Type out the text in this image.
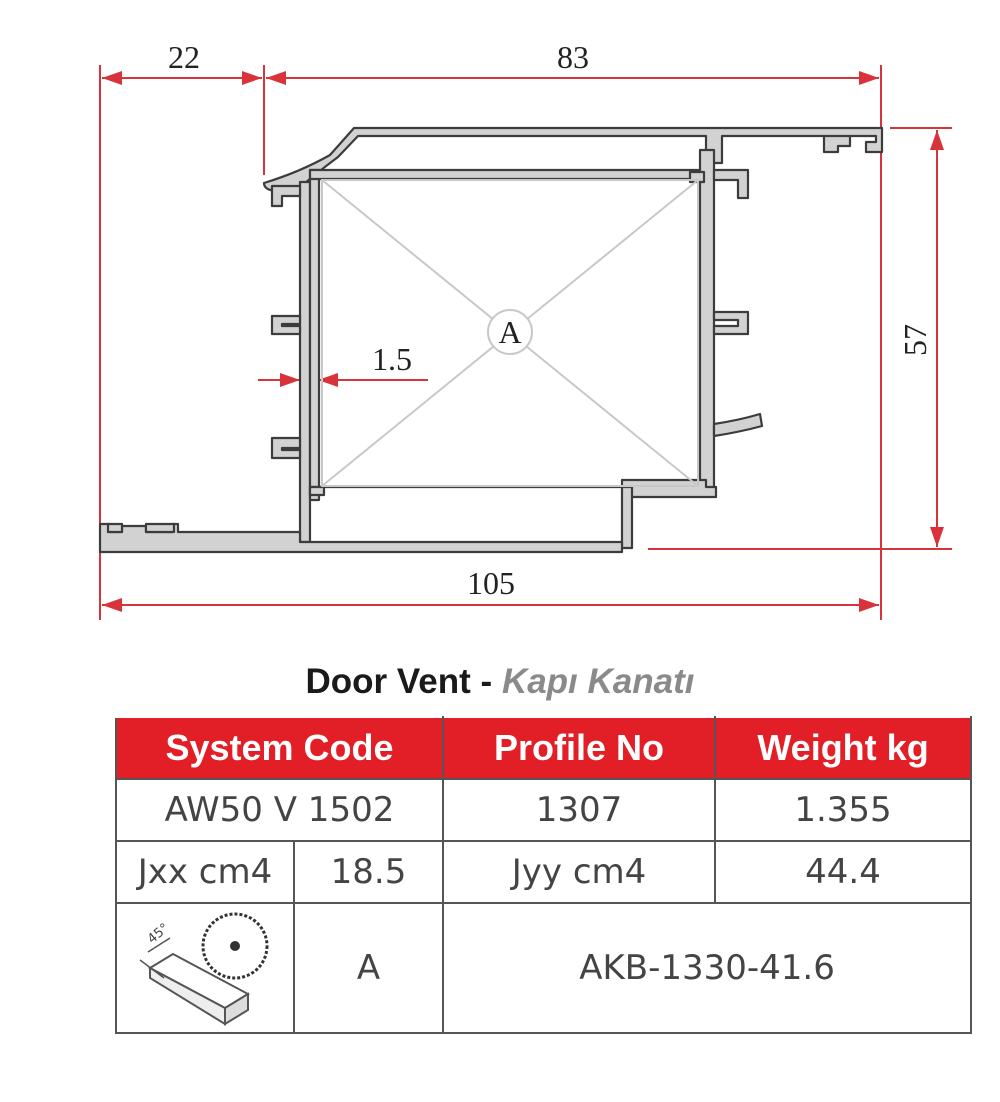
22	83
105
57
1.5
A
Door Vent - Kapı Kanatı
System Code		Profile No	Weight kg
AW50 V 1502		1307	1.355
Jxx cm4	18.5	Jyy cm4	44.4

45°	A	AKB-1330-41.6	
